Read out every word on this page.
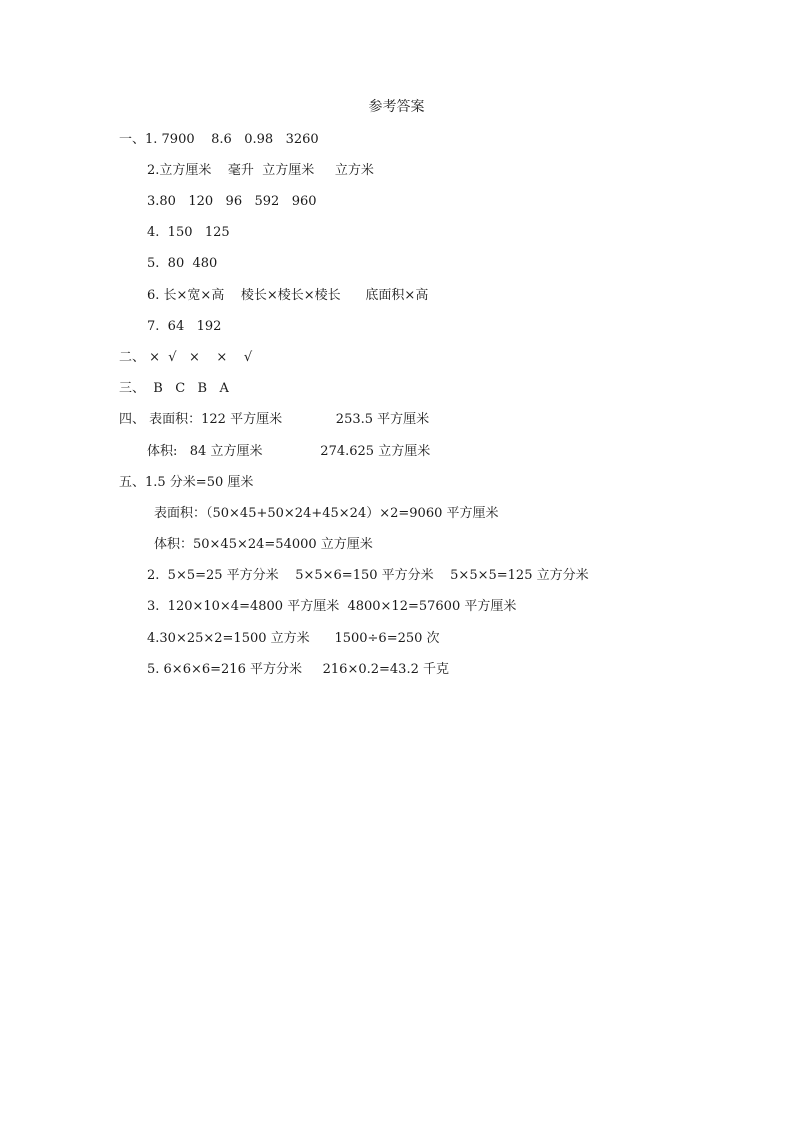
参考答案
一、1. 7900    8.6   0.98   3260
2.立方厘米    毫升  立方厘米     立方米
3.80   120   96   592   960
4.  150   125
5.  80  480
6. 长×宽×高    棱长×棱长×棱长      底面积×高
7.  64   192
二、 ×  √   ×    ×    √
三、  B   C   B   A
四、 表面积：122 平方厘米             253.5 平方厘米
体积:   84 立方厘米              274.625 立方厘米
五、1.5 分米=50 厘米
表面积：（50×45+50×24+45×24）×2=9060 平方厘米
体积：50×45×24=54000 立方厘米
2.  5×5=25 平方分米    5×5×6=150 平方分米    5×5×5=125 立方分米
3.  120×10×4=4800 平方厘米  4800×12=57600 平方厘米
4.30×25×2=1500 立方米      1500÷6=250 次
5. 6×6×6=216 平方分米     216×0.2=43.2 千克
